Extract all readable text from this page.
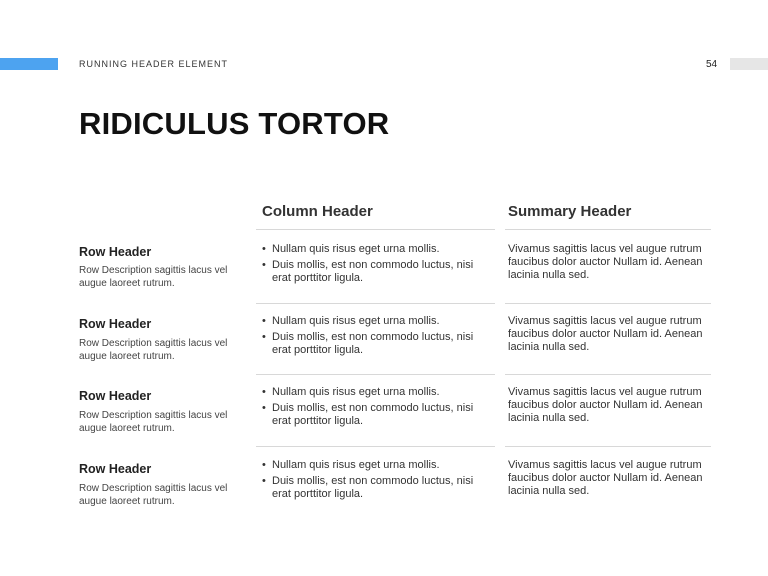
RUNNING HEADER ELEMENT	54
RIDICULUS TORTOR
Column Header	Summary Header
Row Header
Row Description sagittis lacus vel augue laoreet rutrum.
• Nullam quis risus eget urna mollis.
• Duis mollis, est non commodo luctus, nisi erat porttitor ligula.
Vivamus sagittis lacus vel augue rutrum faucibus dolor auctor Nullam id. Aenean lacinia nulla sed.
Row Header
Row Description sagittis lacus vel augue laoreet rutrum.
• Nullam quis risus eget urna mollis.
• Duis mollis, est non commodo luctus, nisi erat porttitor ligula.
Vivamus sagittis lacus vel augue rutrum faucibus dolor auctor Nullam id. Aenean lacinia nulla sed.
Row Header
Row Description sagittis lacus vel augue laoreet rutrum.
• Nullam quis risus eget urna mollis.
• Duis mollis, est non commodo luctus, nisi erat porttitor ligula.
Vivamus sagittis lacus vel augue rutrum faucibus dolor auctor Nullam id. Aenean lacinia nulla sed.
Row Header
Row Description sagittis lacus vel augue laoreet rutrum.
• Nullam quis risus eget urna mollis.
• Duis mollis, est non commodo luctus, nisi erat porttitor ligula.
Vivamus sagittis lacus vel augue rutrum faucibus dolor auctor Nullam id. Aenean lacinia nulla sed.
